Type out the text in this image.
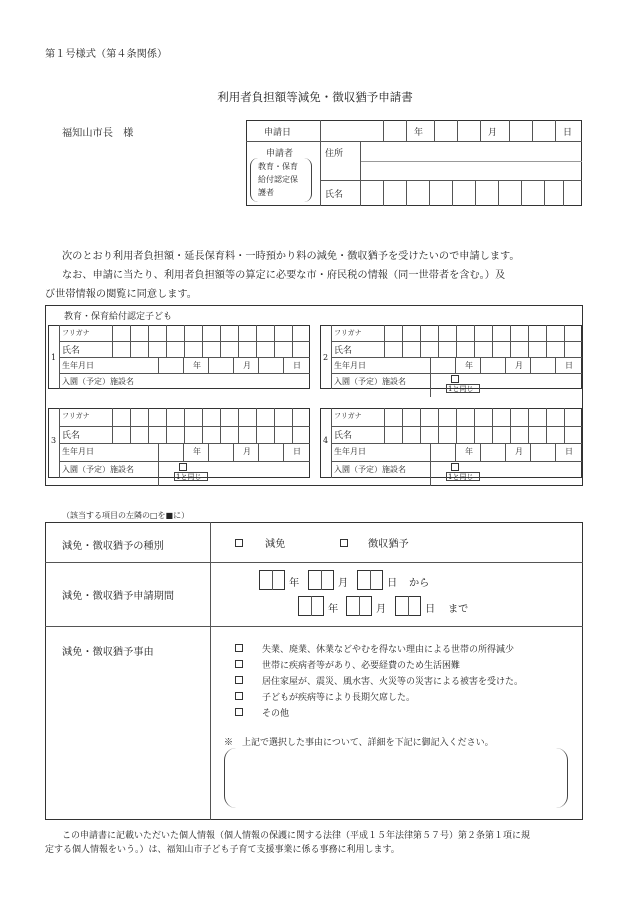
第１号様式（第４条関係）
利用者負担額等減免・徴収猶予申請書
福知山市長　様	申請日	年	月	日
申請者
教育・保育
給付認定保
護者
住所
氏名
次のとおり利用者負担額・延長保育料・一時預かり料の減免・徴収猶予を受けたいので申請します。
なお、申請に当たり、利用者負担額等の算定に必要な市・府民税の情報（同一世帯者を含む。）及
び世帯情報の閲覧に同意します。
教育・保育給付認定子ども
1
フリガナ
氏名
生年月日	年	月	日
入園（予定）施設名
2
フリガナ
氏名
生年月日	年	月	日
入園（予定）施設名
1と同じ
3
フリガナ
氏名
生年月日	年	月	日
入園（予定）施設名
1と同じ
4
フリガナ
氏名
生年月日	年	月	日
入園（予定）施設名
1と同じ
（該当する項目の左隣の□を■に）
減免・徴収猶予の種別	減免	徴収猶予
減免・徴収猶予申請期間
年	月	日 から
年	月	日 まで
減免・徴収猶予事由	失業、廃業、休業などやむを得ない理由による世帯の所得減少
世帯に疾病者等があり、必要経費のため生活困難
居住家屋が、震災、風水害、火災等の災害による被害を受けた。
子どもが疾病等により長期欠席した。
その他
※　上記で選択した事由について、詳細を下記に御記入ください。
この申請書に記載いただいた個人情報（個人情報の保護に関する法律（平成１５年法律第５７号）第２条第１項に規
定する個人情報をいう。）は、福知山市子ども子育て支援事業に係る事務に利用します。
